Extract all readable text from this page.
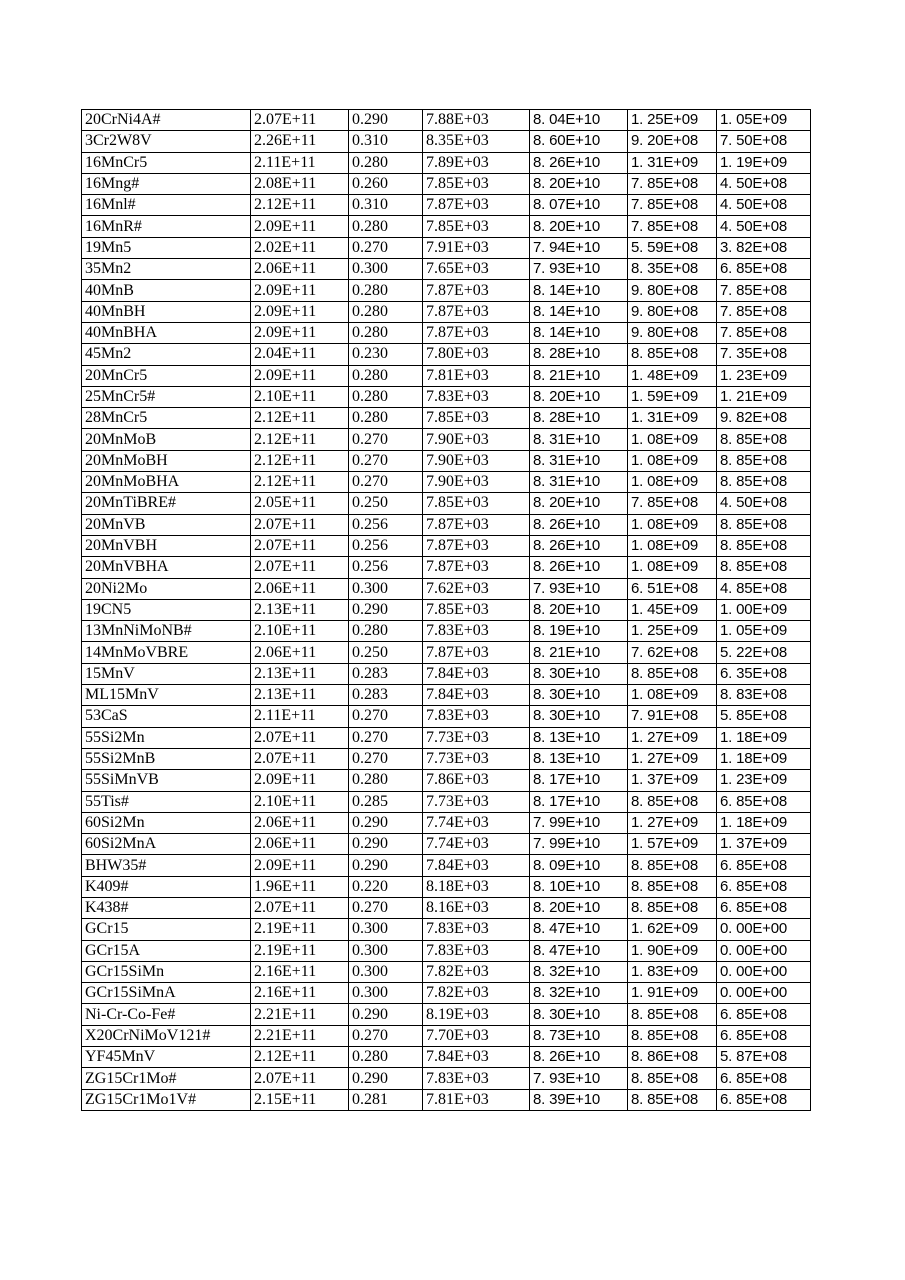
20CrNi4A#	2.07E+11	0.290	7.88E+03	8. 04E+10	1. 25E+09	1. 05E+09
3Cr2W8V	2.26E+11	0.310	8.35E+03	8. 60E+10	9. 20E+08	7. 50E+08
16MnCr5	2.11E+11	0.280	7.89E+03	8. 26E+10	1. 31E+09	1. 19E+09
16Mng#	2.08E+11	0.260	7.85E+03	8. 20E+10	7. 85E+08	4. 50E+08
16Mnl#	2.12E+11	0.310	7.87E+03	8. 07E+10	7. 85E+08	4. 50E+08
16MnR#	2.09E+11	0.280	7.85E+03	8. 20E+10	7. 85E+08	4. 50E+08
19Mn5	2.02E+11	0.270	7.91E+03	7. 94E+10	5. 59E+08	3. 82E+08
35Mn2	2.06E+11	0.300	7.65E+03	7. 93E+10	8. 35E+08	6. 85E+08
40MnB	2.09E+11	0.280	7.87E+03	8. 14E+10	9. 80E+08	7. 85E+08
40MnBH	2.09E+11	0.280	7.87E+03	8. 14E+10	9. 80E+08	7. 85E+08
40MnBHA	2.09E+11	0.280	7.87E+03	8. 14E+10	9. 80E+08	7. 85E+08
45Mn2	2.04E+11	0.230	7.80E+03	8. 28E+10	8. 85E+08	7. 35E+08
20MnCr5	2.09E+11	0.280	7.81E+03	8. 21E+10	1. 48E+09	1. 23E+09
25MnCr5#	2.10E+11	0.280	7.83E+03	8. 20E+10	1. 59E+09	1. 21E+09
28MnCr5	2.12E+11	0.280	7.85E+03	8. 28E+10	1. 31E+09	9. 82E+08
20MnMoB	2.12E+11	0.270	7.90E+03	8. 31E+10	1. 08E+09	8. 85E+08
20MnMoBH	2.12E+11	0.270	7.90E+03	8. 31E+10	1. 08E+09	8. 85E+08
20MnMoBHA	2.12E+11	0.270	7.90E+03	8. 31E+10	1. 08E+09	8. 85E+08
20MnTiBRE#	2.05E+11	0.250	7.85E+03	8. 20E+10	7. 85E+08	4. 50E+08
20MnVB	2.07E+11	0.256	7.87E+03	8. 26E+10	1. 08E+09	8. 85E+08
20MnVBH	2.07E+11	0.256	7.87E+03	8. 26E+10	1. 08E+09	8. 85E+08
20MnVBHA	2.07E+11	0.256	7.87E+03	8. 26E+10	1. 08E+09	8. 85E+08
20Ni2Mo	2.06E+11	0.300	7.62E+03	7. 93E+10	6. 51E+08	4. 85E+08
19CN5	2.13E+11	0.290	7.85E+03	8. 20E+10	1. 45E+09	1. 00E+09
13MnNiMoNB#	2.10E+11	0.280	7.83E+03	8. 19E+10	1. 25E+09	1. 05E+09
14MnMoVBRE	2.06E+11	0.250	7.87E+03	8. 21E+10	7. 62E+08	5. 22E+08
15MnV	2.13E+11	0.283	7.84E+03	8. 30E+10	8. 85E+08	6. 35E+08
ML15MnV	2.13E+11	0.283	7.84E+03	8. 30E+10	1. 08E+09	8. 83E+08
53CaS	2.11E+11	0.270	7.83E+03	8. 30E+10	7. 91E+08	5. 85E+08
55Si2Mn	2.07E+11	0.270	7.73E+03	8. 13E+10	1. 27E+09	1. 18E+09
55Si2MnB	2.07E+11	0.270	7.73E+03	8. 13E+10	1. 27E+09	1. 18E+09
55SiMnVB	2.09E+11	0.280	7.86E+03	8. 17E+10	1. 37E+09	1. 23E+09
55Tis#	2.10E+11	0.285	7.73E+03	8. 17E+10	8. 85E+08	6. 85E+08
60Si2Mn	2.06E+11	0.290	7.74E+03	7. 99E+10	1. 27E+09	1. 18E+09
60Si2MnA	2.06E+11	0.290	7.74E+03	7. 99E+10	1. 57E+09	1. 37E+09
BHW35#	2.09E+11	0.290	7.84E+03	8. 09E+10	8. 85E+08	6. 85E+08
K409#	1.96E+11	0.220	8.18E+03	8. 10E+10	8. 85E+08	6. 85E+08
K438#	2.07E+11	0.270	8.16E+03	8. 20E+10	8. 85E+08	6. 85E+08
GCr15	2.19E+11	0.300	7.83E+03	8. 47E+10	1. 62E+09	0. 00E+00
GCr15A	2.19E+11	0.300	7.83E+03	8. 47E+10	1. 90E+09	0. 00E+00
GCr15SiMn	2.16E+11	0.300	7.82E+03	8. 32E+10	1. 83E+09	0. 00E+00
GCr15SiMnA	2.16E+11	0.300	7.82E+03	8. 32E+10	1. 91E+09	0. 00E+00
Ni-Cr-Co-Fe#	2.21E+11	0.290	8.19E+03	8. 30E+10	8. 85E+08	6. 85E+08
X20CrNiMoV121#	2.21E+11	0.270	7.70E+03	8. 73E+10	8. 85E+08	6. 85E+08
YF45MnV	2.12E+11	0.280	7.84E+03	8. 26E+10	8. 86E+08	5. 87E+08
ZG15Cr1Mo#	2.07E+11	0.290	7.83E+03	7. 93E+10	8. 85E+08	6. 85E+08
ZG15Cr1Mo1V#	2.15E+11	0.281	7.81E+03	8. 39E+10	8. 85E+08	6. 85E+08
